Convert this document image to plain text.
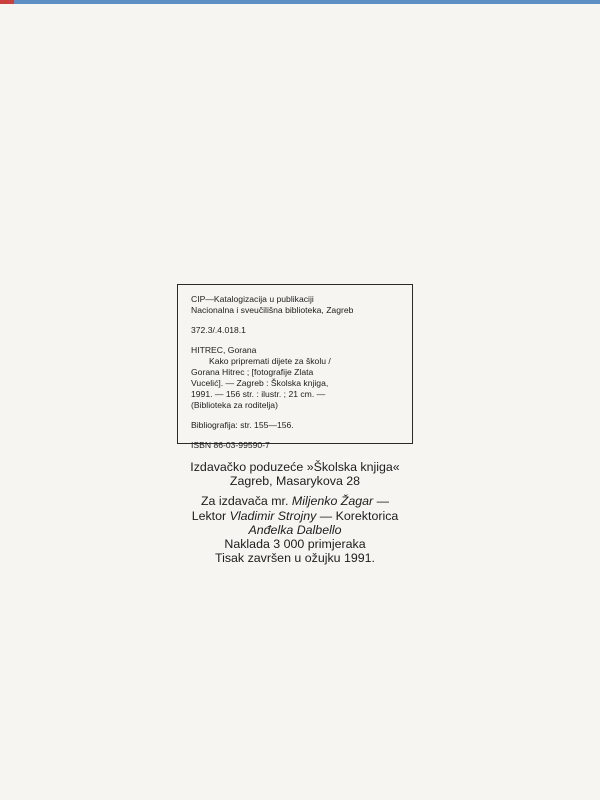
CIP—Katalogizacija u publikaciji
Nacionalna i sveučilišna biblioteka, Zagreb
372.3/.4.018.1
HITREC, Gorana
Kako pripremati dijete za školu /
Gorana Hitrec ; [fotografije Zlata
Vucelić]. — Zagreb : Školska knjiga,
1991. — 156 str. : ilustr. ; 21 cm. —
(Biblioteka za roditelja)
Bibliografija: str. 155—156.
ISBN 86-03-99590-7
Izdavačko poduzeće »Školska knjiga«
Zagreb, Masarykova 28
Za izdavača mr. Miljenko Žagar —
Lektor Vladimir Strojny — Korektorica
Anđelka Dalbello
Naklada 3 000 primjeraka
Tisak završen u ožujku 1991.
